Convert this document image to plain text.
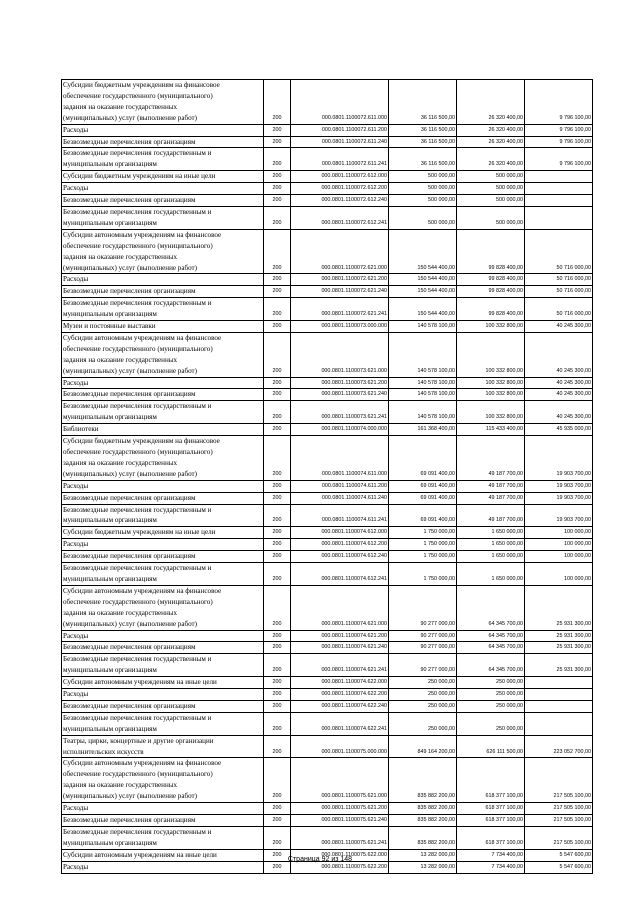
Субсидии бюджетным учреждениям на финансовое
обеспечение государственного (муниципального)
задания на оказание государственных
(муниципальных) услуг (выполнение работ)	200	000.0801.1100072.611.000	36 116 500,00	26 320 400,00	9 796 100,00
Расходы	200	000.0801.1100072.611.200	36 116 500,00	26 320 400,00	9 796 100,00
Безвозмездные перечисления организациям	200	000.0801.1100072.611.240	36 116 500,00	26 320 400,00	9 796 100,00
Безвозмездные перечисления государственным и
муниципальным организациям	200	000.0801.1100072.611.241	36 116 500,00	26 320 400,00	9 796 100,00
Субсидии бюджетным учреждениям на иные цели	200	000.0801.1100072.612.000	500 000,00	500 000,00	
Расходы	200	000.0801.1100072.612.200	500 000,00	500 000,00	
Безвозмездные перечисления организациям	200	000.0801.1100072.612.240	500 000,00	500 000,00	
Безвозмездные перечисления государственным и
муниципальным организациям	200	000.0801.1100072.612.241	500 000,00	500 000,00	
Субсидии автономным учреждениям на финансовое
обеспечение государственного (муниципального)
задания на оказание государственных
(муниципальных) услуг (выполнение работ)	200	000.0801.1100072.621.000	150 544 400,00	99 828 400,00	50 716 000,00
Расходы	200	000.0801.1100072.621.200	150 544 400,00	99 828 400,00	50 716 000,00
Безвозмездные перечисления организациям	200	000.0801.1100072.621.240	150 544 400,00	99 828 400,00	50 716 000,00
Безвозмездные перечисления государственным и
муниципальным организациям	200	000.0801.1100072.621.241	150 544 400,00	99 828 400,00	50 716 000,00
Музеи и постоянные выставки	200	000.0801.1100073.000.000	140 578 100,00	100 332 800,00	40 245 300,00
Субсидии автономным учреждениям на финансовое
обеспечение государственного (муниципального)
задания на оказание государственных
(муниципальных) услуг (выполнение работ)	200	000.0801.1100073.621.000	140 578 100,00	100 332 800,00	40 245 300,00
Расходы	200	000.0801.1100073.621.200	140 578 100,00	100 332 800,00	40 245 300,00
Безвозмездные перечисления организациям	200	000.0801.1100073.621.240	140 578 100,00	100 332 800,00	40 245 300,00
Безвозмездные перечисления государственным и
муниципальным организациям	200	000.0801.1100073.621.241	140 578 100,00	100 332 800,00	40 245 300,00
Библиотеки	200	000.0801.1100074.000.000	161 368 400,00	115 433 400,00	45 935 000,00
Субсидии бюджетным учреждениям на финансовое
обеспечение государственного (муниципального)
задания на оказание государственных
(муниципальных) услуг (выполнение работ)	200	000.0801.1100074.611.000	69 091 400,00	49 187 700,00	19 903 700,00
Расходы	200	000.0801.1100074.611.200	69 091 400,00	49 187 700,00	19 903 700,00
Безвозмездные перечисления организациям	200	000.0801.1100074.611.240	69 091 400,00	49 187 700,00	19 903 700,00
Безвозмездные перечисления государственным и
муниципальным организациям	200	000.0801.1100074.611.241	69 091 400,00	49 187 700,00	19 903 700,00
Субсидии бюджетным учреждениям на иные цели	200	000.0801.1100074.612.000	1 750 000,00	1 650 000,00	100 000,00
Расходы	200	000.0801.1100074.612.200	1 750 000,00	1 650 000,00	100 000,00
Безвозмездные перечисления организациям	200	000.0801.1100074.612.240	1 750 000,00	1 650 000,00	100 000,00
Безвозмездные перечисления государственным и
муниципальным организациям	200	000.0801.1100074.612.241	1 750 000,00	1 650 000,00	100 000,00
Субсидии автономным учреждениям на финансовое
обеспечение государственного (муниципального)
задания на оказание государственных
(муниципальных) услуг (выполнение работ)	200	000.0801.1100074.621.000	90 277 000,00	64 345 700,00	25 931 300,00
Расходы	200	000.0801.1100074.621.200	90 277 000,00	64 345 700,00	25 931 300,00
Безвозмездные перечисления организациям	200	000.0801.1100074.621.240	90 277 000,00	64 345 700,00	25 931 300,00
Безвозмездные перечисления государственным и
муниципальным организациям	200	000.0801.1100074.621.241	90 277 000,00	64 345 700,00	25 931 300,00
Субсидии автономным учреждениям на иные цели	200	000.0801.1100074.622.000	250 000,00	250 000,00	
Расходы	200	000.0801.1100074.622.200	250 000,00	250 000,00	
Безвозмездные перечисления организациям	200	000.0801.1100074.622.240	250 000,00	250 000,00	
Безвозмездные перечисления государственным и
муниципальным организациям	200	000.0801.1100074.622.241	250 000,00	250 000,00	
Театры, цирки, концертные и другие организации
исполнительских искусств	200	000.0801.1100075.000.000	849 164 200,00	626 111 500,00	223 052 700,00
Субсидии автономным учреждениям на финансовое
обеспечение государственного (муниципального)
задания на оказание государственных
(муниципальных) услуг (выполнение работ)	200	000.0801.1100075.621.000	835 882 200,00	618 377 100,00	217 505 100,00
Расходы	200	000.0801.1100075.621.200	835 882 200,00	618 377 100,00	217 505 100,00
Безвозмездные перечисления организациям	200	000.0801.1100075.621.240	835 882 200,00	618 377 100,00	217 505 100,00
Безвозмездные перечисления государственным и
муниципальным организациям	200	000.0801.1100075.621.241	835 882 200,00	618 377 100,00	217 505 100,00
Субсидии автономным учреждениям на иные цели	200	000.0801.1100075.622.000	13 282 000,00	7 734 400,00	5 547 600,00
Расходы	200	000.0801.1100075.622.200	13 282 000,00	7 734 400,00	5 547 600,00
Страница 92 из 148
